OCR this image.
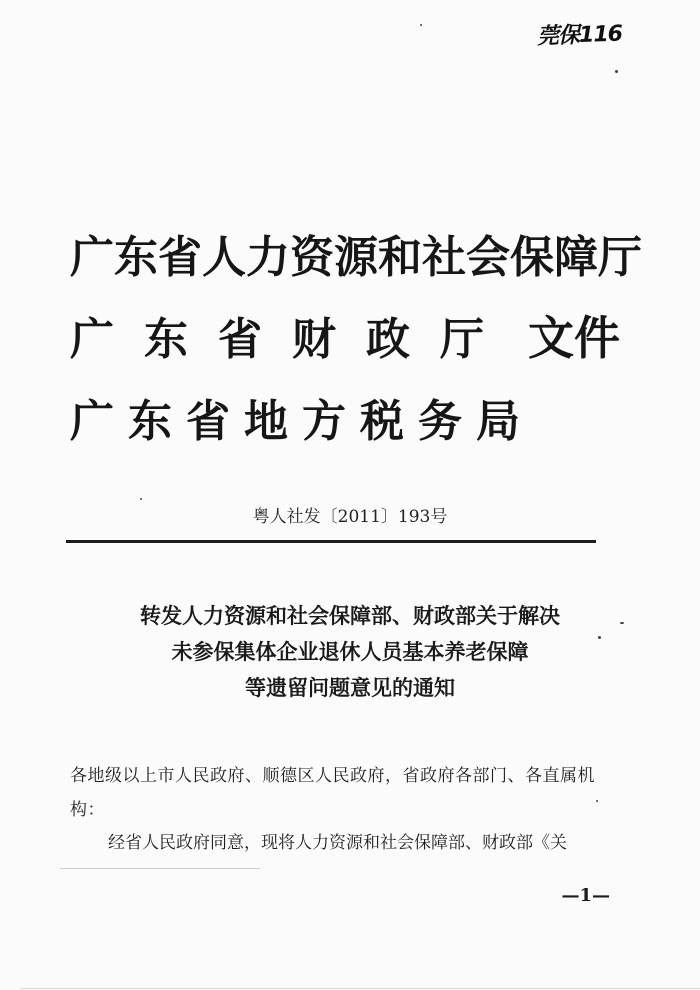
莞保116
广东省人力资源和社会保障厅
广东省财政厅 文件
广东省地方税务局
粤人社发〔2011〕193号
转发人力资源和社会保障部、财政部关于解决
未参保集体企业退休人员基本养老保障
等遗留问题意见的通知
各地级以上市人民政府、顺德区人民政府，省政府各部门、各直属机构：
经省人民政府同意，现将人力资源和社会保障部、财政部《关
—1—
